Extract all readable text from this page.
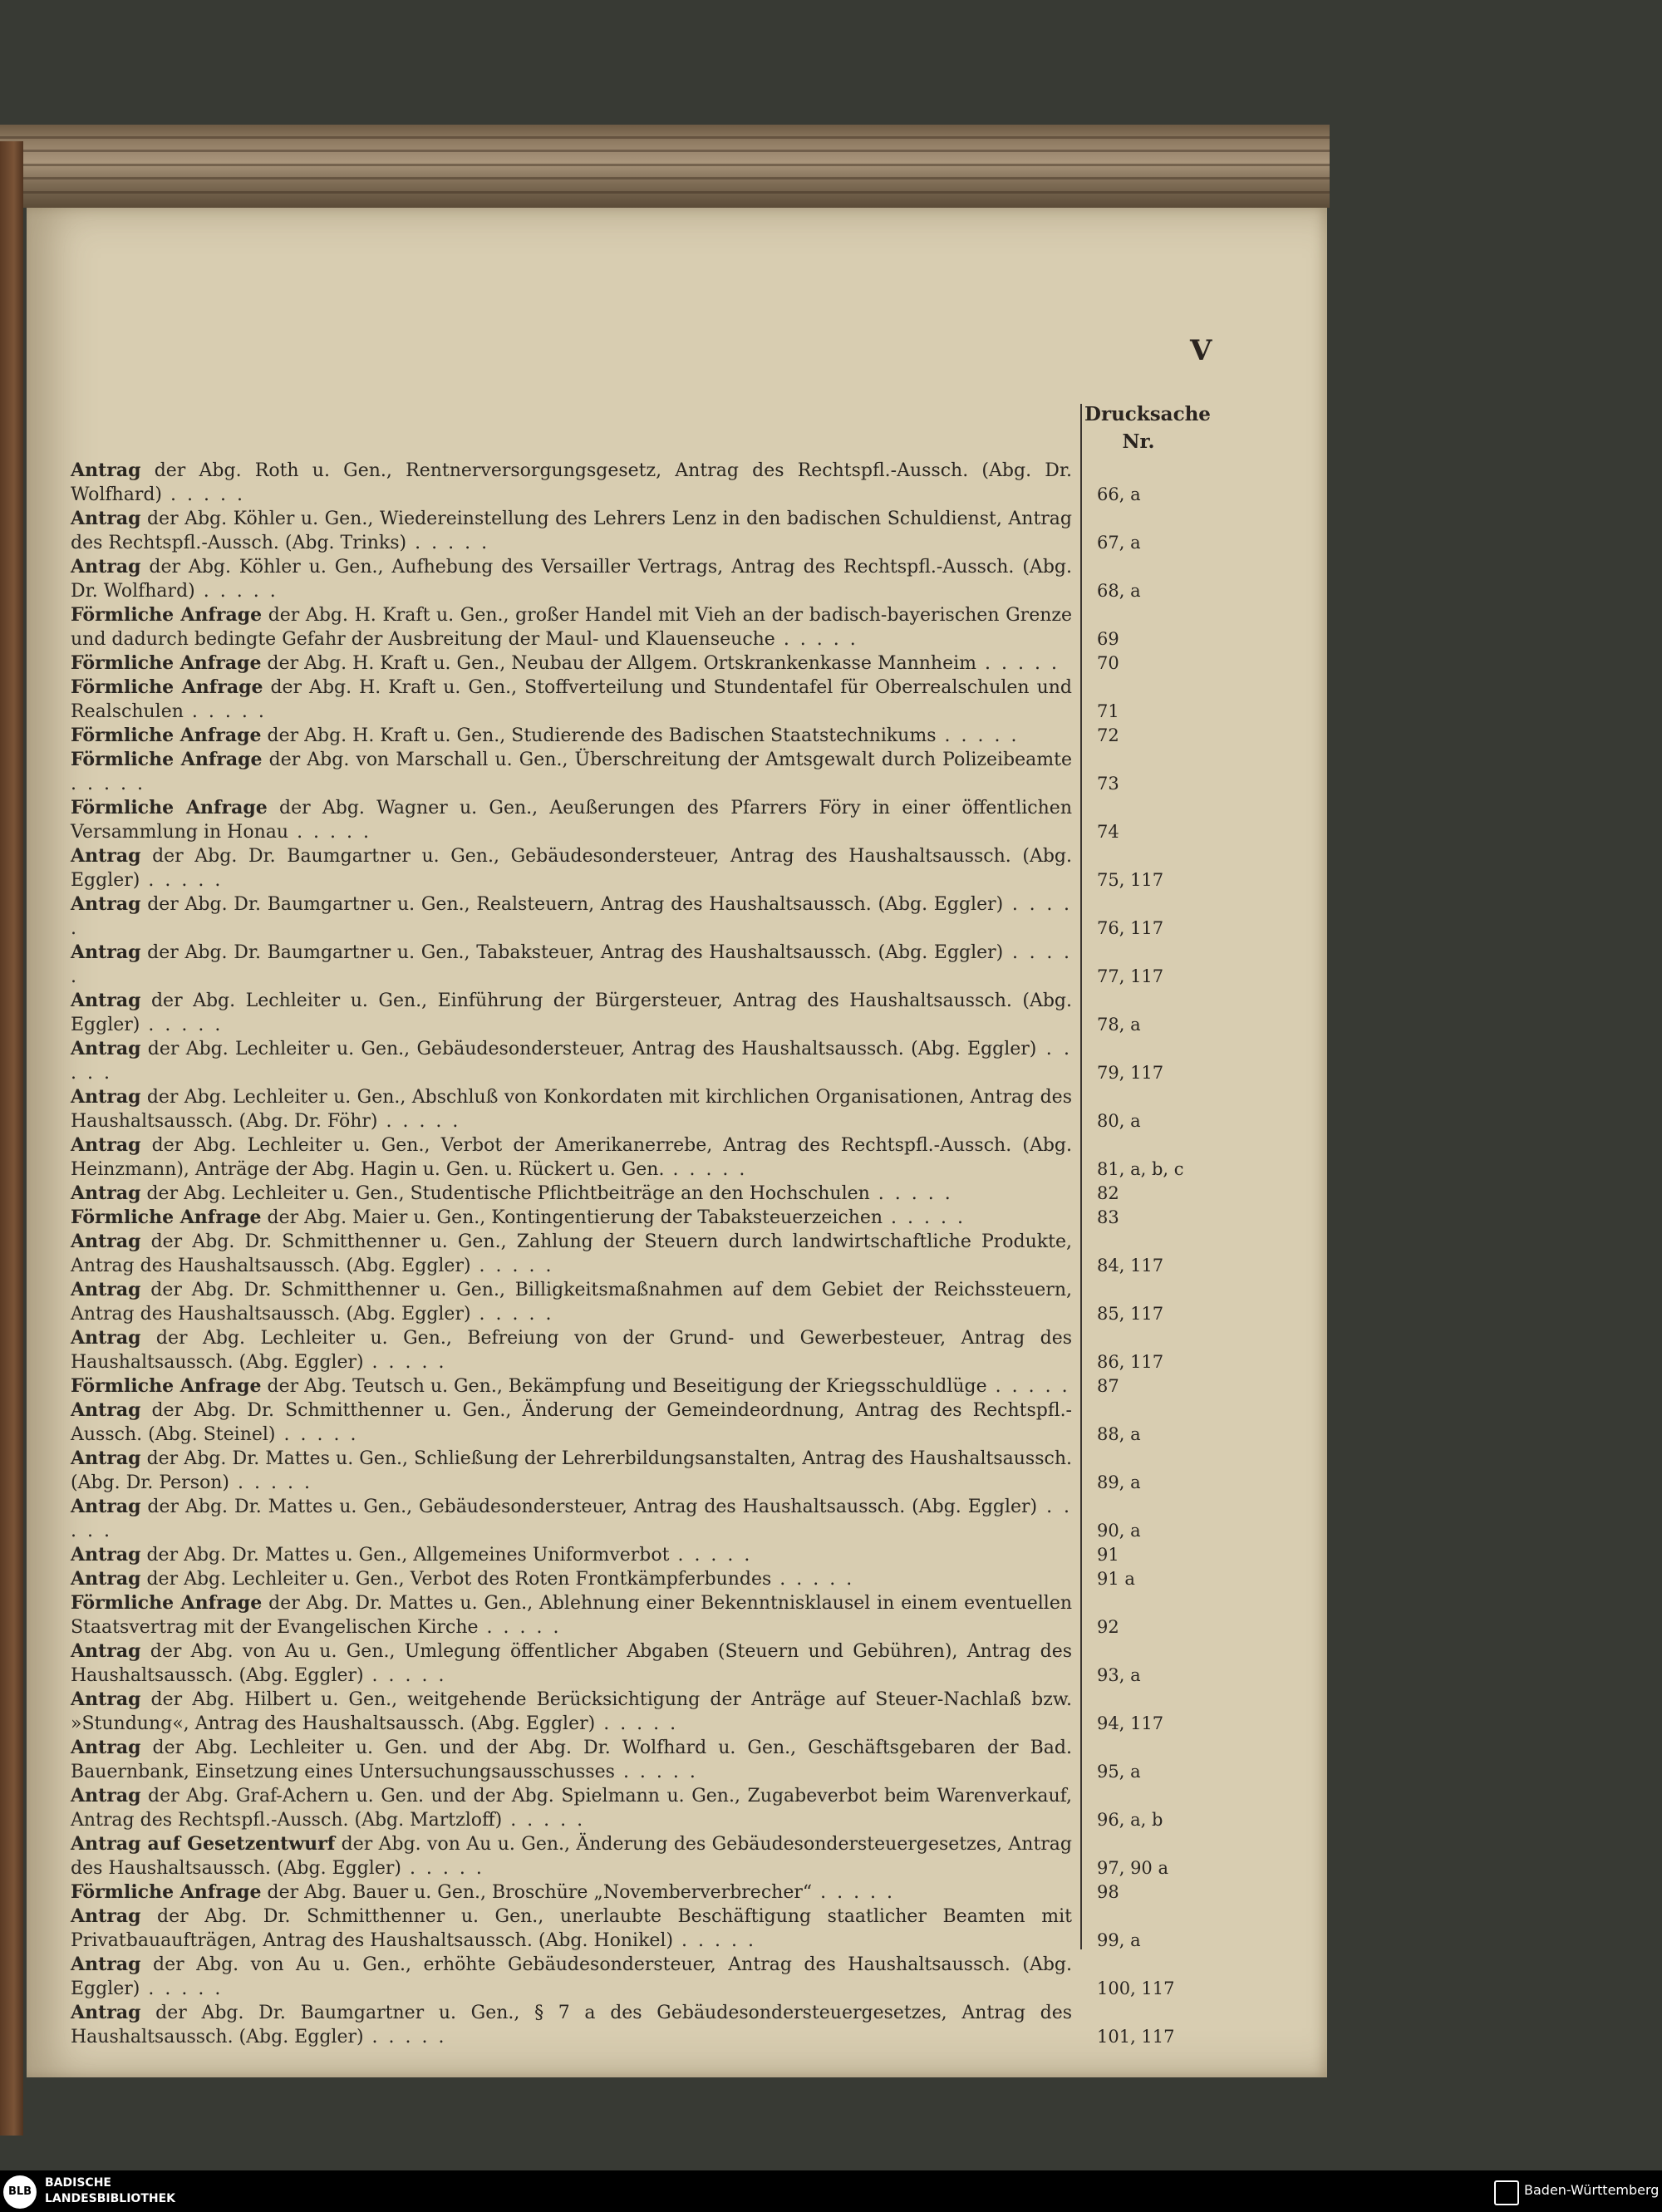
V
Drucksache
Nr.
Antrag der Abg. Roth u. Gen., Rentnerversorgungsgesetz, Antrag des Rechtspfl.-Aussch. (Abg. Dr. Wolfhard) . . . . .	66, a
Antrag der Abg. Köhler u. Gen., Wiedereinstellung des Lehrers Lenz in den badischen Schuldienst, Antrag des Rechtspfl.-Aussch. (Abg. Trinks) . . . . .	67, a
Antrag der Abg. Köhler u. Gen., Aufhebung des Versailler Vertrags, Antrag des Rechtspfl.-Aussch. (Abg. Dr. Wolfhard) . . . . .	68, a
Förmliche Anfrage der Abg. H. Kraft u. Gen., großer Handel mit Vieh an der badisch-bayerischen Grenze und dadurch bedingte Gefahr der Ausbreitung der Maul- und Klauenseuche . . . . .	69
Förmliche Anfrage der Abg. H. Kraft u. Gen., Neubau der Allgem. Ortskrankenkasse Mannheim . . . . .	70
Förmliche Anfrage der Abg. H. Kraft u. Gen., Stoffverteilung und Stundentafel für Oberrealschulen und Realschulen . . . . .	71
Förmliche Anfrage der Abg. H. Kraft u. Gen., Studierende des Badischen Staatstechnikums . . . . .	72
Förmliche Anfrage der Abg. von Marschall u. Gen., Überschreitung der Amtsgewalt durch Polizeibeamte . . . . .	73
Förmliche Anfrage der Abg. Wagner u. Gen., Aeußerungen des Pfarrers Föry in einer öffentlichen Versammlung in Honau . . . . .	74
Antrag der Abg. Dr. Baumgartner u. Gen., Gebäudesondersteuer, Antrag des Haushaltsaussch. (Abg. Eggler) . . . . .	75, 117
Antrag der Abg. Dr. Baumgartner u. Gen., Realsteuern, Antrag des Haushaltsaussch. (Abg. Eggler) . . . . .	76, 117
Antrag der Abg. Dr. Baumgartner u. Gen., Tabaksteuer, Antrag des Haushaltsaussch. (Abg. Eggler) . . . . .	77, 117
Antrag der Abg. Lechleiter u. Gen., Einführung der Bürgersteuer, Antrag des Haushaltsaussch. (Abg. Eggler) . . . . .	78, a
Antrag der Abg. Lechleiter u. Gen., Gebäudesondersteuer, Antrag des Haushaltsaussch. (Abg. Eggler) . . . . .	79, 117
Antrag der Abg. Lechleiter u. Gen., Abschluß von Konkordaten mit kirchlichen Organisationen, Antrag des Haushaltsaussch. (Abg. Dr. Föhr) . . . . .	80, a
Antrag der Abg. Lechleiter u. Gen., Verbot der Amerikanerrebe, Antrag des Rechtspfl.-Aussch. (Abg. Heinzmann), Anträge der Abg. Hagin u. Gen. u. Rückert u. Gen. . . . . .	81, a, b, c
Antrag der Abg. Lechleiter u. Gen., Studentische Pflichtbeiträge an den Hochschulen . . . . .	82
Förmliche Anfrage der Abg. Maier u. Gen., Kontingentierung der Tabaksteuerzeichen . . . . .	83
Antrag der Abg. Dr. Schmitthenner u. Gen., Zahlung der Steuern durch landwirtschaftliche Produkte, Antrag des Haushaltsaussch. (Abg. Eggler) . . . . .	84, 117
Antrag der Abg. Dr. Schmitthenner u. Gen., Billigkeitsmaßnahmen auf dem Gebiet der Reichssteuern, Antrag des Haushaltsaussch. (Abg. Eggler) . . . . .	85, 117
Antrag der Abg. Lechleiter u. Gen., Befreiung von der Grund- und Gewerbesteuer, Antrag des Haushaltsaussch. (Abg. Eggler) . . . . .	86, 117
Förmliche Anfrage der Abg. Teutsch u. Gen., Bekämpfung und Beseitigung der Kriegsschuldlüge . . . . . 87
Antrag der Abg. Dr. Schmitthenner u. Gen., Änderung der Gemeindeordnung, Antrag des Rechtspfl.-Aussch. (Abg. Steinel) . . . . .	88, a
Antrag der Abg. Dr. Mattes u. Gen., Schließung der Lehrerbildungsanstalten, Antrag des Haushaltsaussch. (Abg. Dr. Person) . . . . .	89, a
Antrag der Abg. Dr. Mattes u. Gen., Gebäudesondersteuer, Antrag des Haushaltsaussch. (Abg. Eggler) . . . . .	90, a
Antrag der Abg. Dr. Mattes u. Gen., Allgemeines Uniformverbot . . . . .	91
Antrag der Abg. Lechleiter u. Gen., Verbot des Roten Frontkämpferbundes . . . . .	91 a
Förmliche Anfrage der Abg. Dr. Mattes u. Gen., Ablehnung einer Bekenntnisklausel in einem eventuellen Staatsvertrag mit der Evangelischen Kirche . . . . .	92
Antrag der Abg. von Au u. Gen., Umlegung öffentlicher Abgaben (Steuern und Gebühren), Antrag des Haushaltsaussch. (Abg. Eggler) . . . . .	93, a
Antrag der Abg. Hilbert u. Gen., weitgehende Berücksichtigung der Anträge auf Steuer-Nachlaß bzw. »Stundung«, Antrag des Haushaltsaussch. (Abg. Eggler) . . . . .	94, 117
Antrag der Abg. Lechleiter u. Gen. und der Abg. Dr. Wolfhard u. Gen., Geschäftsgebaren der Bad. Bauernbank, Einsetzung eines Untersuchungsausschusses . . . . .	95, a
Antrag der Abg. Graf-Achern u. Gen. und der Abg. Spielmann u. Gen., Zugabeverbot beim Warenverkauf, Antrag des Rechtspfl.-Aussch. (Abg. Martzloff) . . . . .	96, a, b
Antrag auf Gesetzentwurf der Abg. von Au u. Gen., Änderung des Gebäudesondersteuergesetzes, Antrag des Haushaltsaussch. (Abg. Eggler) . . . . .	97, 90 a
Förmliche Anfrage der Abg. Bauer u. Gen., Broschüre „Novemberverbrecher“ . . . . .	98
Antrag der Abg. Dr. Schmitthenner u. Gen., unerlaubte Beschäftigung staatlicher Beamten mit Privatbauaufträgen, Antrag des Haushaltsaussch. (Abg. Honikel) . . . . .	99, a
Antrag der Abg. von Au u. Gen., erhöhte Gebäudesondersteuer, Antrag des Haushaltsaussch. (Abg. Eggler) . . . . .	100, 117
Antrag der Abg. Dr. Baumgartner u. Gen., § 7 a des Gebäudesondersteuergesetzes, Antrag des Haushaltsaussch. (Abg. Eggler) . . . . .	101, 117
BLB
BADISCHE
LANDESBIBLIOTHEK
Baden-Württemberg
